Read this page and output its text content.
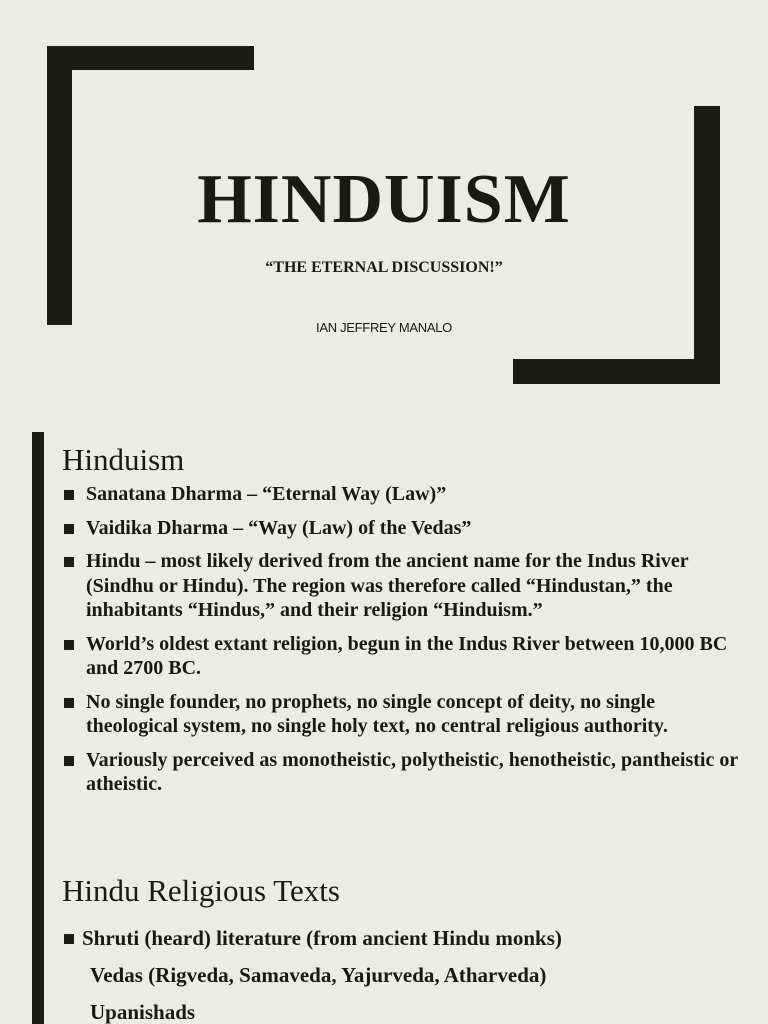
HINDUISM
“THE ETERNAL DISCUSSION!”
IAN JEFFREY MANALO
Hinduism
Sanatana Dharma – “Eternal Way (Law)”
Vaidika Dharma – “Way (Law) of the Vedas”
Hindu – most likely derived from the ancient name for the Indus River (Sindhu or Hindu). The region was therefore called “Hindustan,” the inhabitants “Hindus,” and their religion “Hinduism.”
World’s oldest extant religion, begun in the Indus River between 10,000 BC and 2700 BC.
No single founder, no prophets, no single concept of deity, no single theological system, no single holy text, no central religious authority.
Variously perceived as monotheistic, polytheistic, henotheistic, pantheistic or atheistic.
Hindu Religious Texts
Shruti (heard) literature (from ancient Hindu monks)
Vedas (Rigveda, Samaveda, Yajurveda, Atharveda)
Upanishads
